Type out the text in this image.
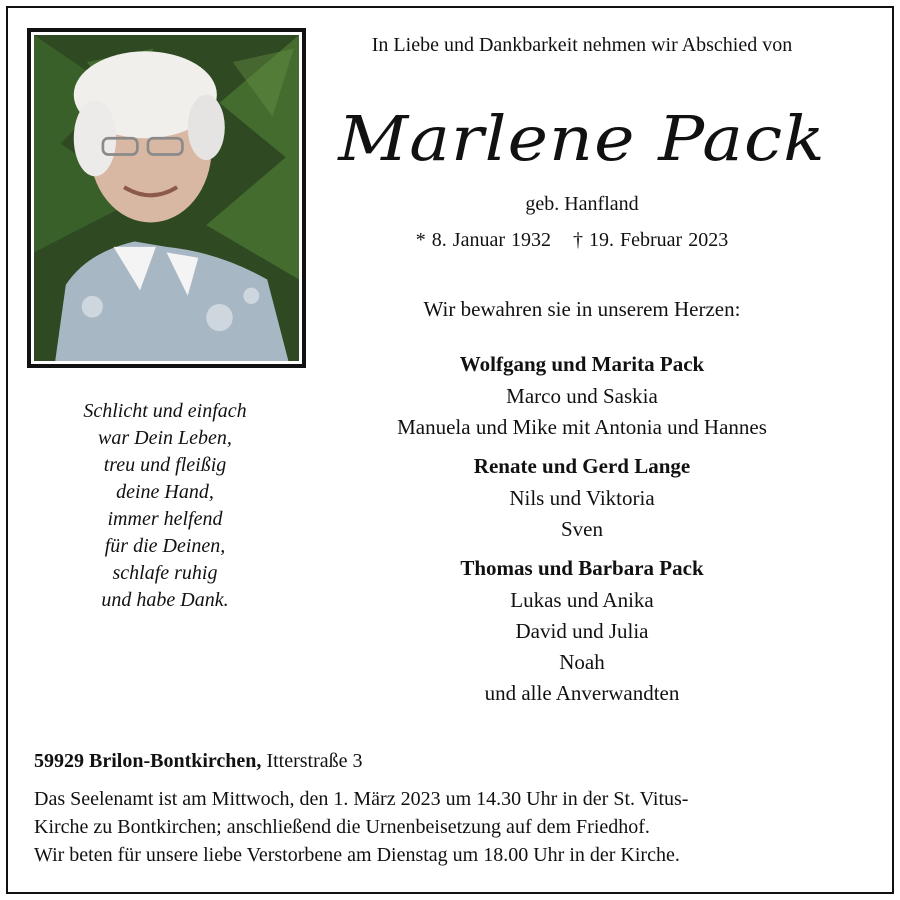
In Liebe und Dankbarkeit nehmen wir Abschied von
Marlene Pack
geb. Hanfland
* 8. Januar 1932 † 19. Februar 2023
Wir bewahren sie in unserem Herzen:
Wolfgang und Marita Pack
Marco und Saskia
Manuela und Mike mit Antonia und Hannes
Renate und Gerd Lange
Nils und Viktoria
Sven
Thomas und Barbara Pack
Lukas und Anika
David und Julia
Noah
und alle Anverwandten
Schlicht und einfach
war Dein Leben,
treu und fleißig
deine Hand,
immer helfend
für die Deinen,
schlafe ruhig
und habe Dank.
59929 Brilon-Bontkirchen, Itterstraße 3
Das Seelenamt ist am Mittwoch, den 1. März 2023 um 14.30 Uhr in der St. Vitus-
Kirche zu Bontkirchen; anschließend die Urnenbeisetzung auf dem Friedhof.
Wir beten für unsere liebe Verstorbene am Dienstag um 18.00 Uhr in der Kirche.
